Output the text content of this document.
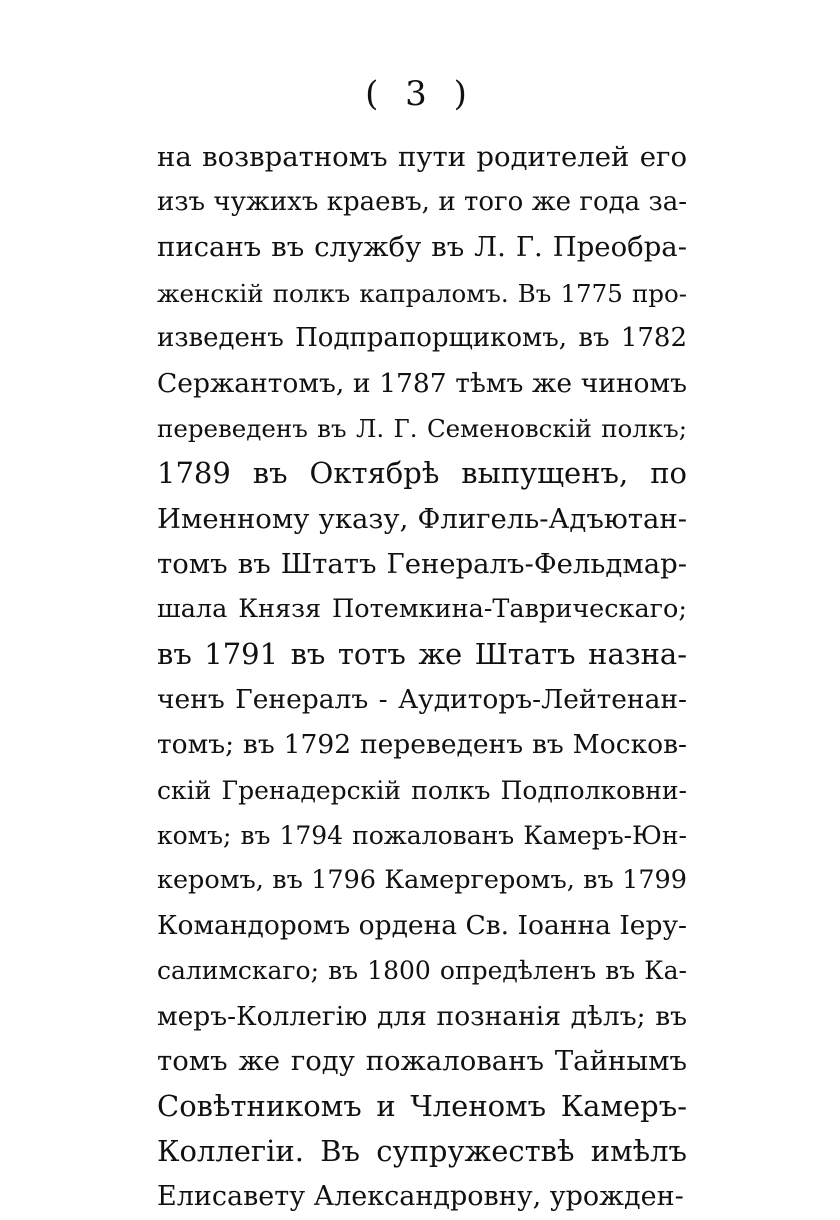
( 3 )
на возвратномъ пути родителей его
изъ чужихъ краевъ, и того же года за-
писанъ въ службу въ Л. Г. Преобра-
женскій полкъ капраломъ. Въ 1775 про-
изведенъ Подпрапорщикомъ, въ 1782
Сержантомъ, и 1787 тѣмъ же чиномъ
переведенъ въ Л. Г. Семеновскій полкъ;
1789 въ Октябрѣ выпущенъ, по
Именному указу, Флигель-Адъютан-
томъ въ Штатъ Генералъ-Фельдмар-
шала Князя Потемкина-Таврическаго;
въ 1791 въ тотъ же Штатъ назна-
ченъ Генералъ - Аудиторъ-Лейтенан-
томъ; въ 1792 переведенъ въ Москов-
скій Гренадерскій полкъ Подполковни-
комъ; въ 1794 пожалованъ Камеръ-Юн-
керомъ, въ 1796 Камергеромъ, въ 1799
Командоромъ ордена Св. Іоанна Іеру-
салимскаго; въ 1800 опредѣленъ въ Ка-
меръ-Коллегію для познанія дѣлъ; въ
томъ же году пожалованъ Тайнымъ
Совѣтникомъ и Членомъ Камеръ-
Коллегіи. Въ супружествѣ имѣлъ
Елисавету Александровну, урожден-
